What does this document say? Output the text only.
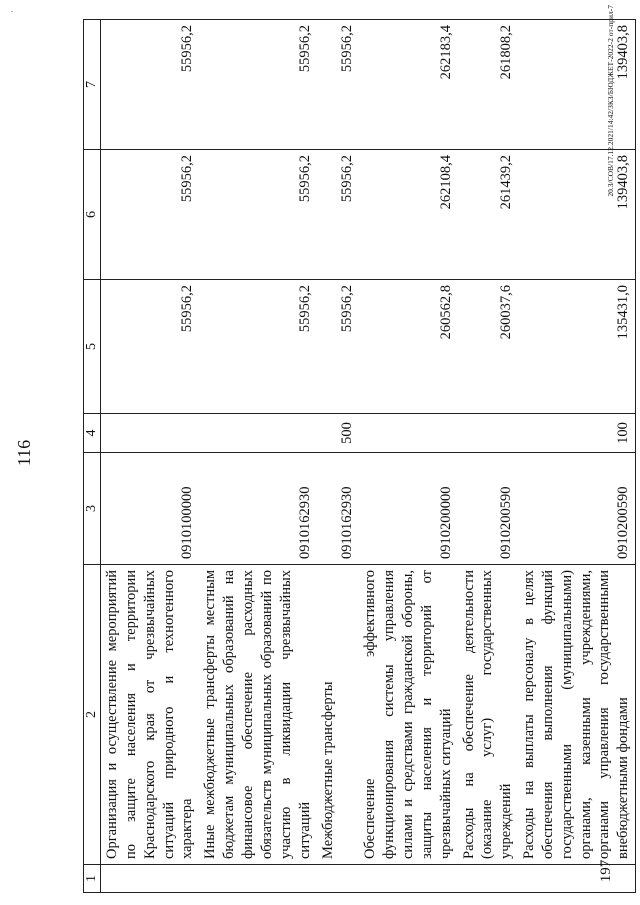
116
·
1	2	3	4	5	6	7
	Организация и осуществление мероприятий по защите населения и территории Краснодарского края от чрезвычайных ситуаций природного и техногенного характера	0910100000		55956,2	55956,2	55956,2
	Иные межбюджетные трансферты местным бюджетам муниципальных образований на финансовое обеспечение расходных обязательств муниципальных образований по участию в ликвидации чрезвычайных ситуаций	0910162930		55956,2	55956,2	55956,2
	Межбюджетные трансферты	0910162930	500	55956,2	55956,2	55956,2
	Обеспечение эффективного функционирования системы управления силами и средствами гражданской обороны, защиты населения и территорий от чрезвычайных ситуаций	0910200000		260562,8	262108,4	262183,4
	Расходы на обеспечение деятельности (оказание услуг) государственных учреждений	0910200590		260037,6	261439,2	261808,2
	Расходы на выплаты персоналу в целях обеспечения выполнения функций государственными (муниципальными) органами, казенными учреждениями, органами управления государственными внебюджетными фондами	0910200590	100	135431,0	139403,8	139403,8
197
20.3/СОВ/17.12.2021/14:42/ЗКЗ/БЮДЖЕТ-2022-2 от-прил-7
